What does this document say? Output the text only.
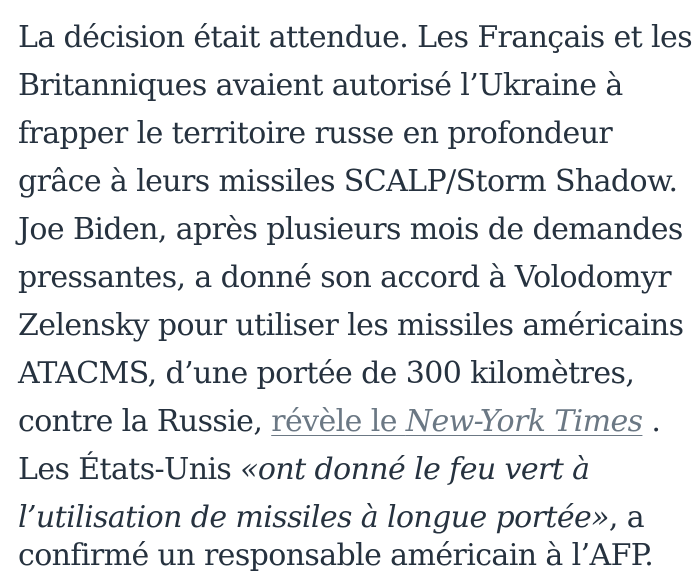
La décision était attendue. Les Français et les
Britanniques avaient autorisé l’Ukraine à
frapper le territoire russe en profondeur
grâce à leurs missiles SCALP/Storm Shadow.
Joe Biden, après plusieurs mois de demandes
pressantes, a donné son accord à Volodomyr
Zelensky pour utiliser les missiles américains
ATACMS, d’une portée de 300 kilomètres,
contre la Russie, révèle le New-York Times .
Les États-Unis «ont donné le feu vert à
l’utilisation de missiles à longue portée», a
confirmé un responsable américain à l’AFP.
